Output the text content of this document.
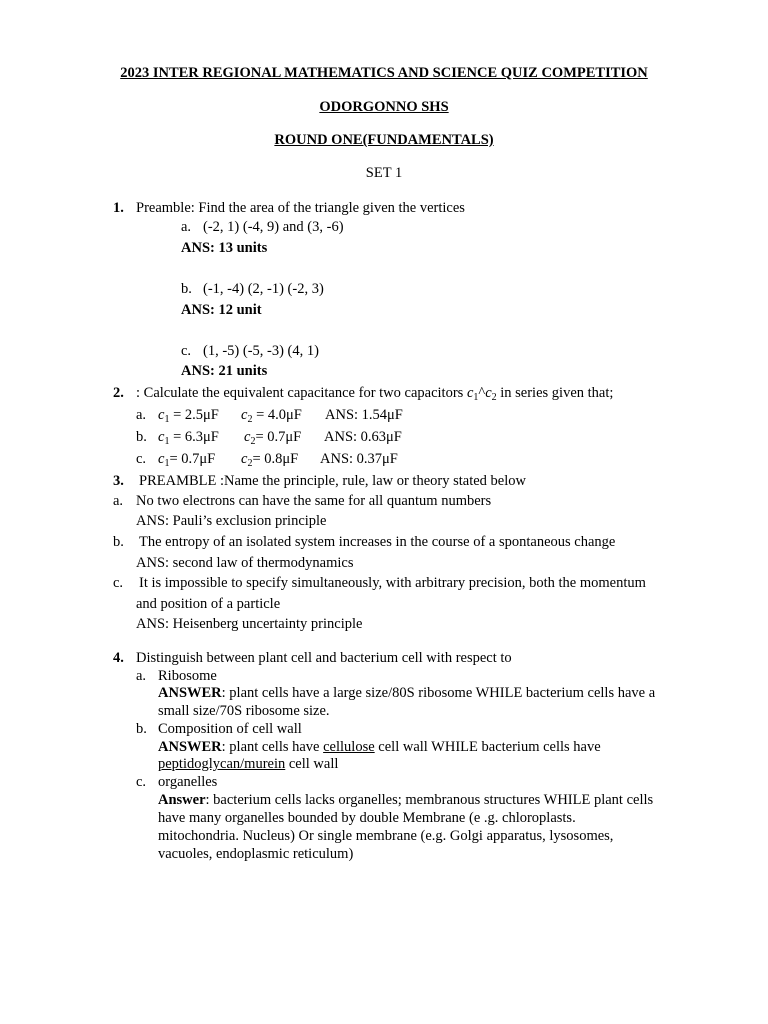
2023 INTER REGIONAL MATHEMATICS AND SCIENCE QUIZ COMPETITION
ODORGONNO SHS
ROUND ONE(FUNDAMENTALS)
SET 1
1. Preamble: Find the area of the triangle given the vertices
a. (-2, 1) (-4, 9) and (3, -6)
ANS: 13 units
b. (-1, -4) (2, -1) (-2, 3)
ANS: 12 unit
c. (1, -5) (-5, -3) (4, 1)
ANS: 21 units
2. : Calculate the equivalent capacitance for two capacitors $c_1\^{}c_2$ in series given that;
a. $c_1 = 2.5\mu F$ $c_2 = 4.0\mu F$ ANS: 1.54μF
b. $c_1 = 6.3\mu F$ $c_2= 0.7\mu F$ ANS: 0.63μF
c. $c_1= 0.7\mu F$ $c_2= 0.8\mu F$ ANS: 0.37μF
3. PREAMBLE :Name the principle, rule, law or theory stated below
a. No two electrons can have the same for all quantum numbers
ANS: Pauli’s exclusion principle
b. The entropy of an isolated system increases in the course of a spontaneous change
ANS: second law of thermodynamics
c. It is impossible to specify simultaneously, with arbitrary precision, both the momentum
and position of a particle
ANS: Heisenberg uncertainty principle
4. Distinguish between plant cell and bacterium cell with respect to
a. Ribosome
ANSWER: plant cells have a large size/80S ribosome WHILE bacterium cells have a
small size/70S ribosome size.
b. Composition of cell wall
ANSWER: plant cells have cellulose cell wall WHILE bacterium cells have
peptidoglycan/murein cell wall
c. organelles
Answer: bacterium cells lacks organelles; membranous structures WHILE plant cells
have many organelles bounded by double Membrane (e .g. chloroplasts.
mitochondria. Nucleus) Or single membrane (e.g. Golgi apparatus, lysosomes,
vacuoles, endoplasmic reticulum)
